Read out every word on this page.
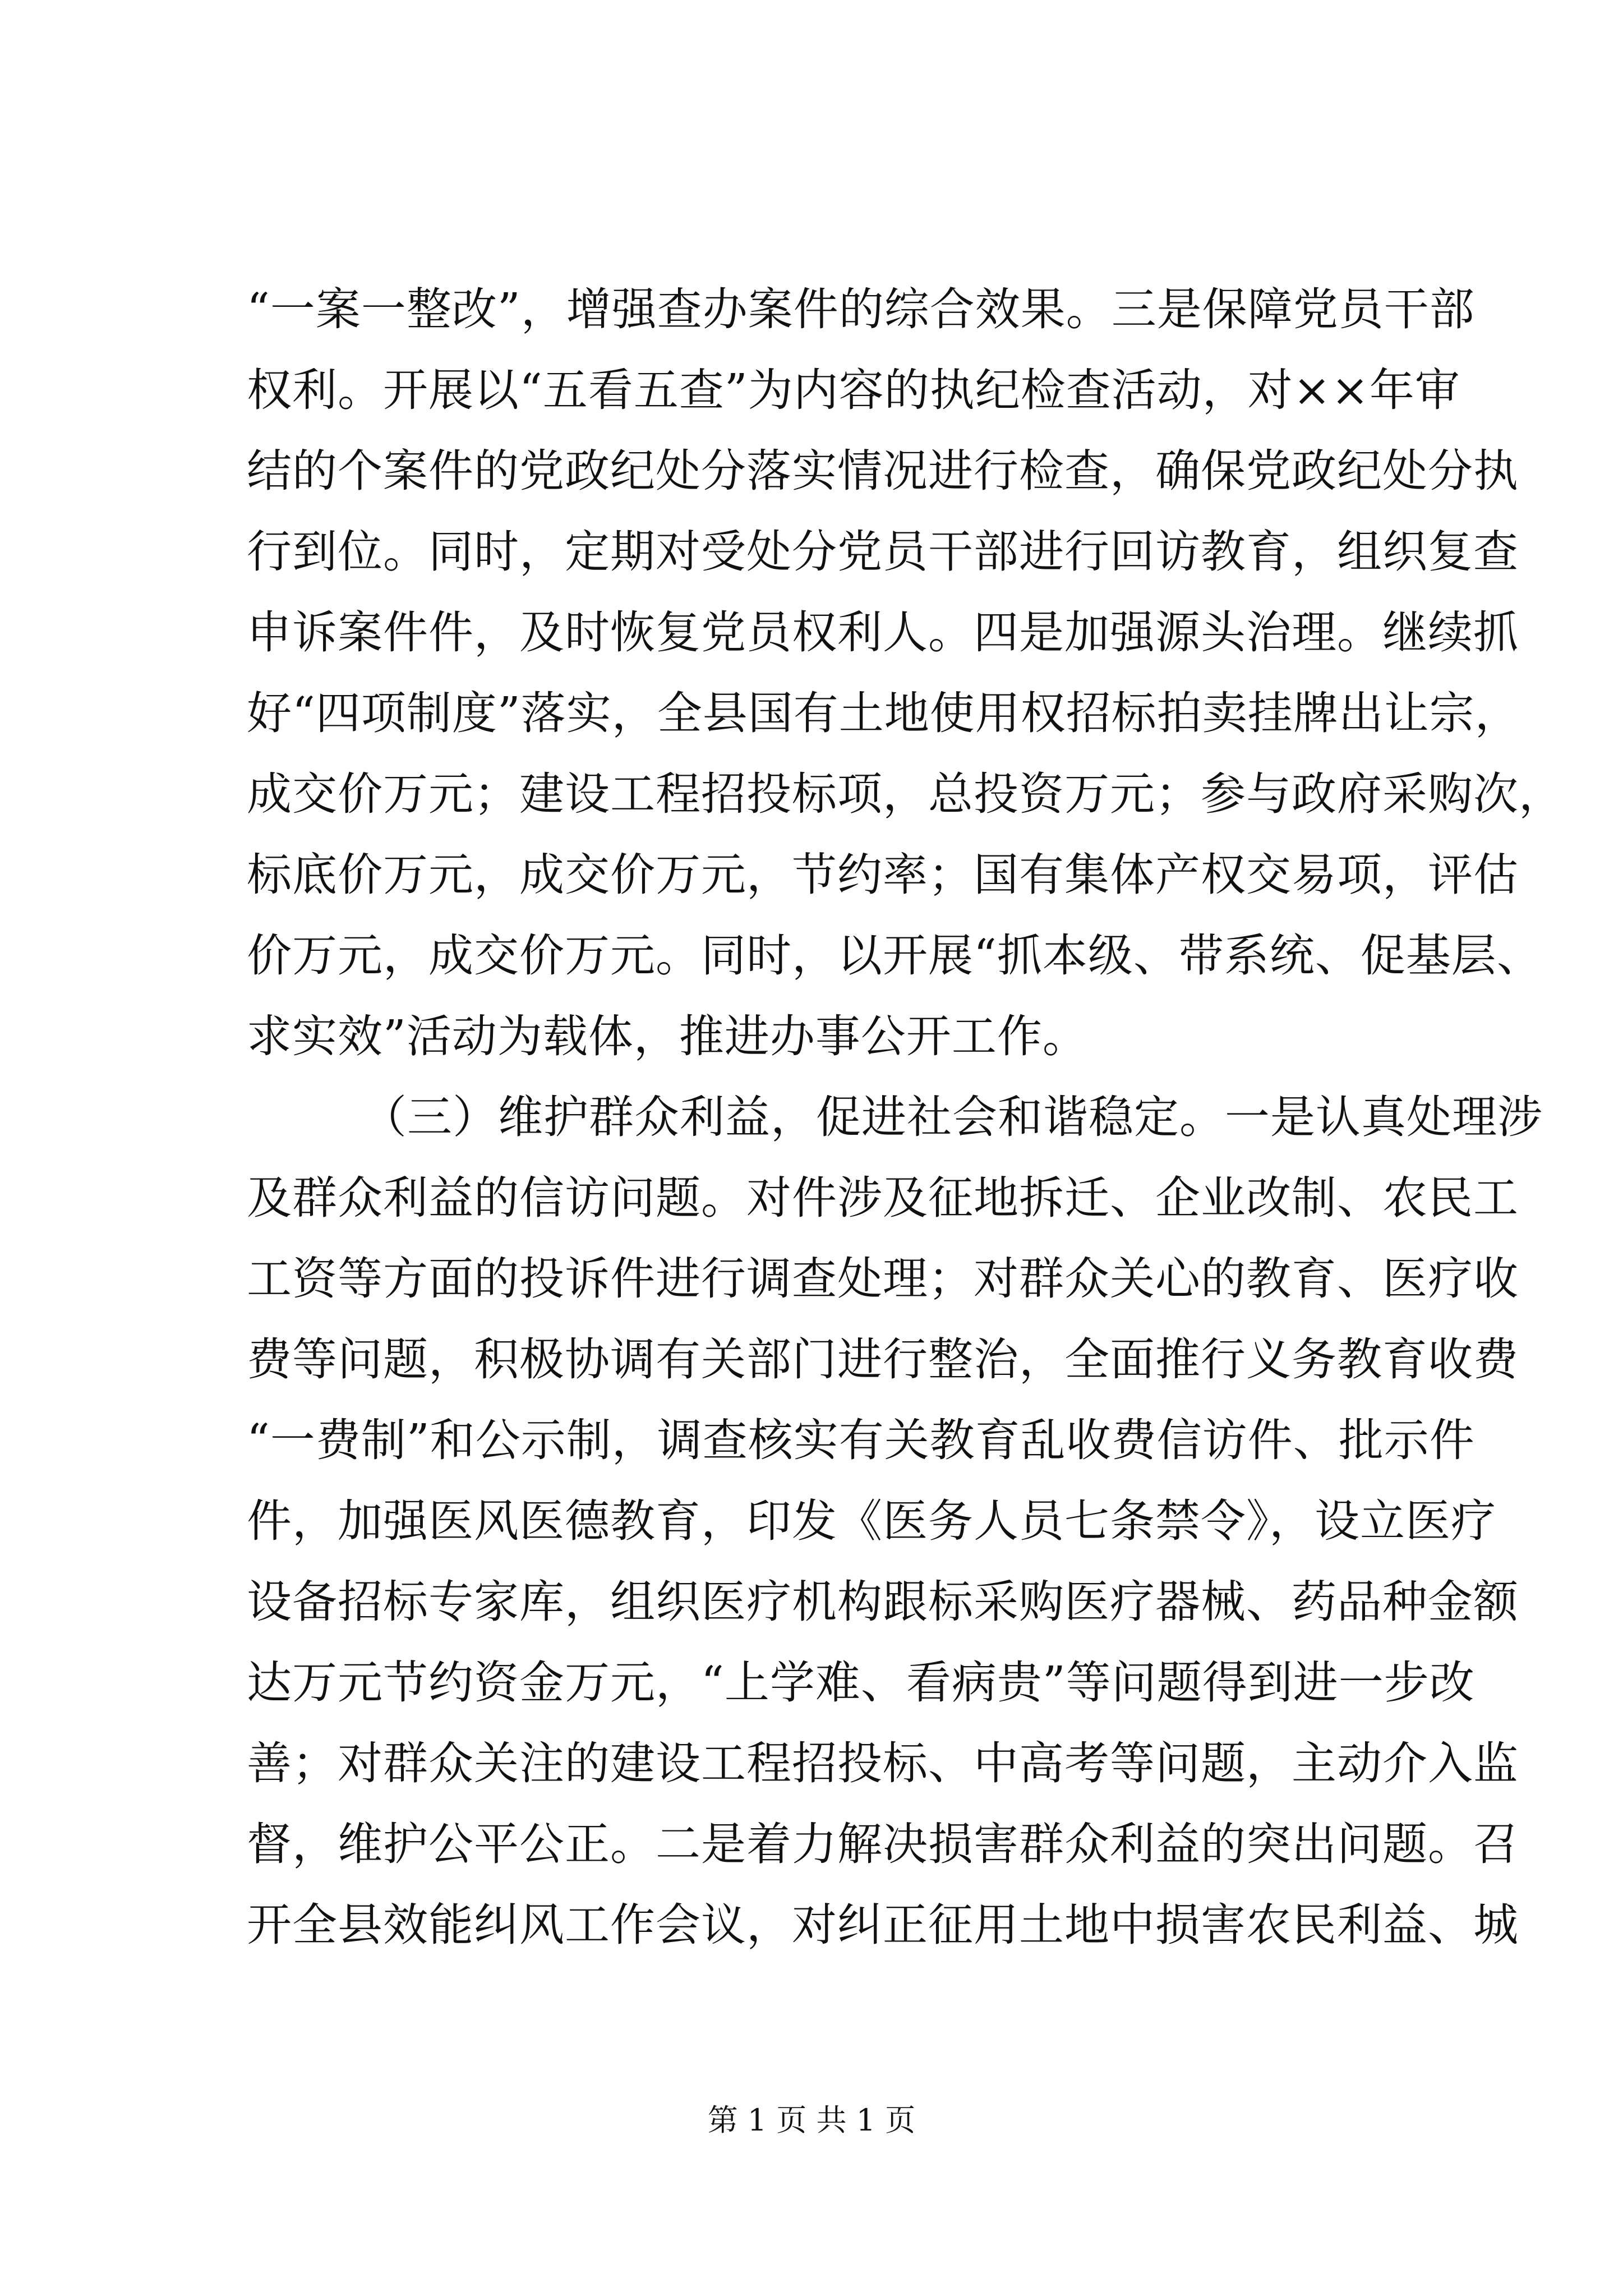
“一案一整改”，增强查办案件的综合效果。三是保障党员干部
权利。开展以“五看五查”为内容的执纪检查活动，对××年审
结的个案件的党政纪处分落实情况进行检查，确保党政纪处分执
行到位。同时，定期对受处分党员干部进行回访教育，组织复查
申诉案件件，及时恢复党员权利人。四是加强源头治理。继续抓
好“四项制度”落实，全县国有土地使用权招标拍卖挂牌出让宗，
成交价万元；建设工程招投标项，总投资万元；参与政府采购次，
标底价万元，成交价万元，节约率；国有集体产权交易项，评估
价万元，成交价万元。同时，以开展“抓本级、带系统、促基层、
求实效”活动为载体，推进办事公开工作。
（三）维护群众利益，促进社会和谐稳定。一是认真处理涉
及群众利益的信访问题。对件涉及征地拆迁、企业改制、农民工
工资等方面的投诉件进行调查处理；对群众关心的教育、医疗收
费等问题，积极协调有关部门进行整治，全面推行义务教育收费
“一费制”和公示制，调查核实有关教育乱收费信访件、批示件
件，加强医风医德教育，印发《医务人员七条禁令》，设立医疗
设备招标专家库，组织医疗机构跟标采购医疗器械、药品种金额
达万元节约资金万元，“上学难、看病贵”等问题得到进一步改
善；对群众关注的建设工程招投标、中高考等问题，主动介入监
督，维护公平公正。二是着力解决损害群众利益的突出问题。召
开全县效能纠风工作会议，对纠正征用土地中损害农民利益、城
第 1 页 共 1 页
